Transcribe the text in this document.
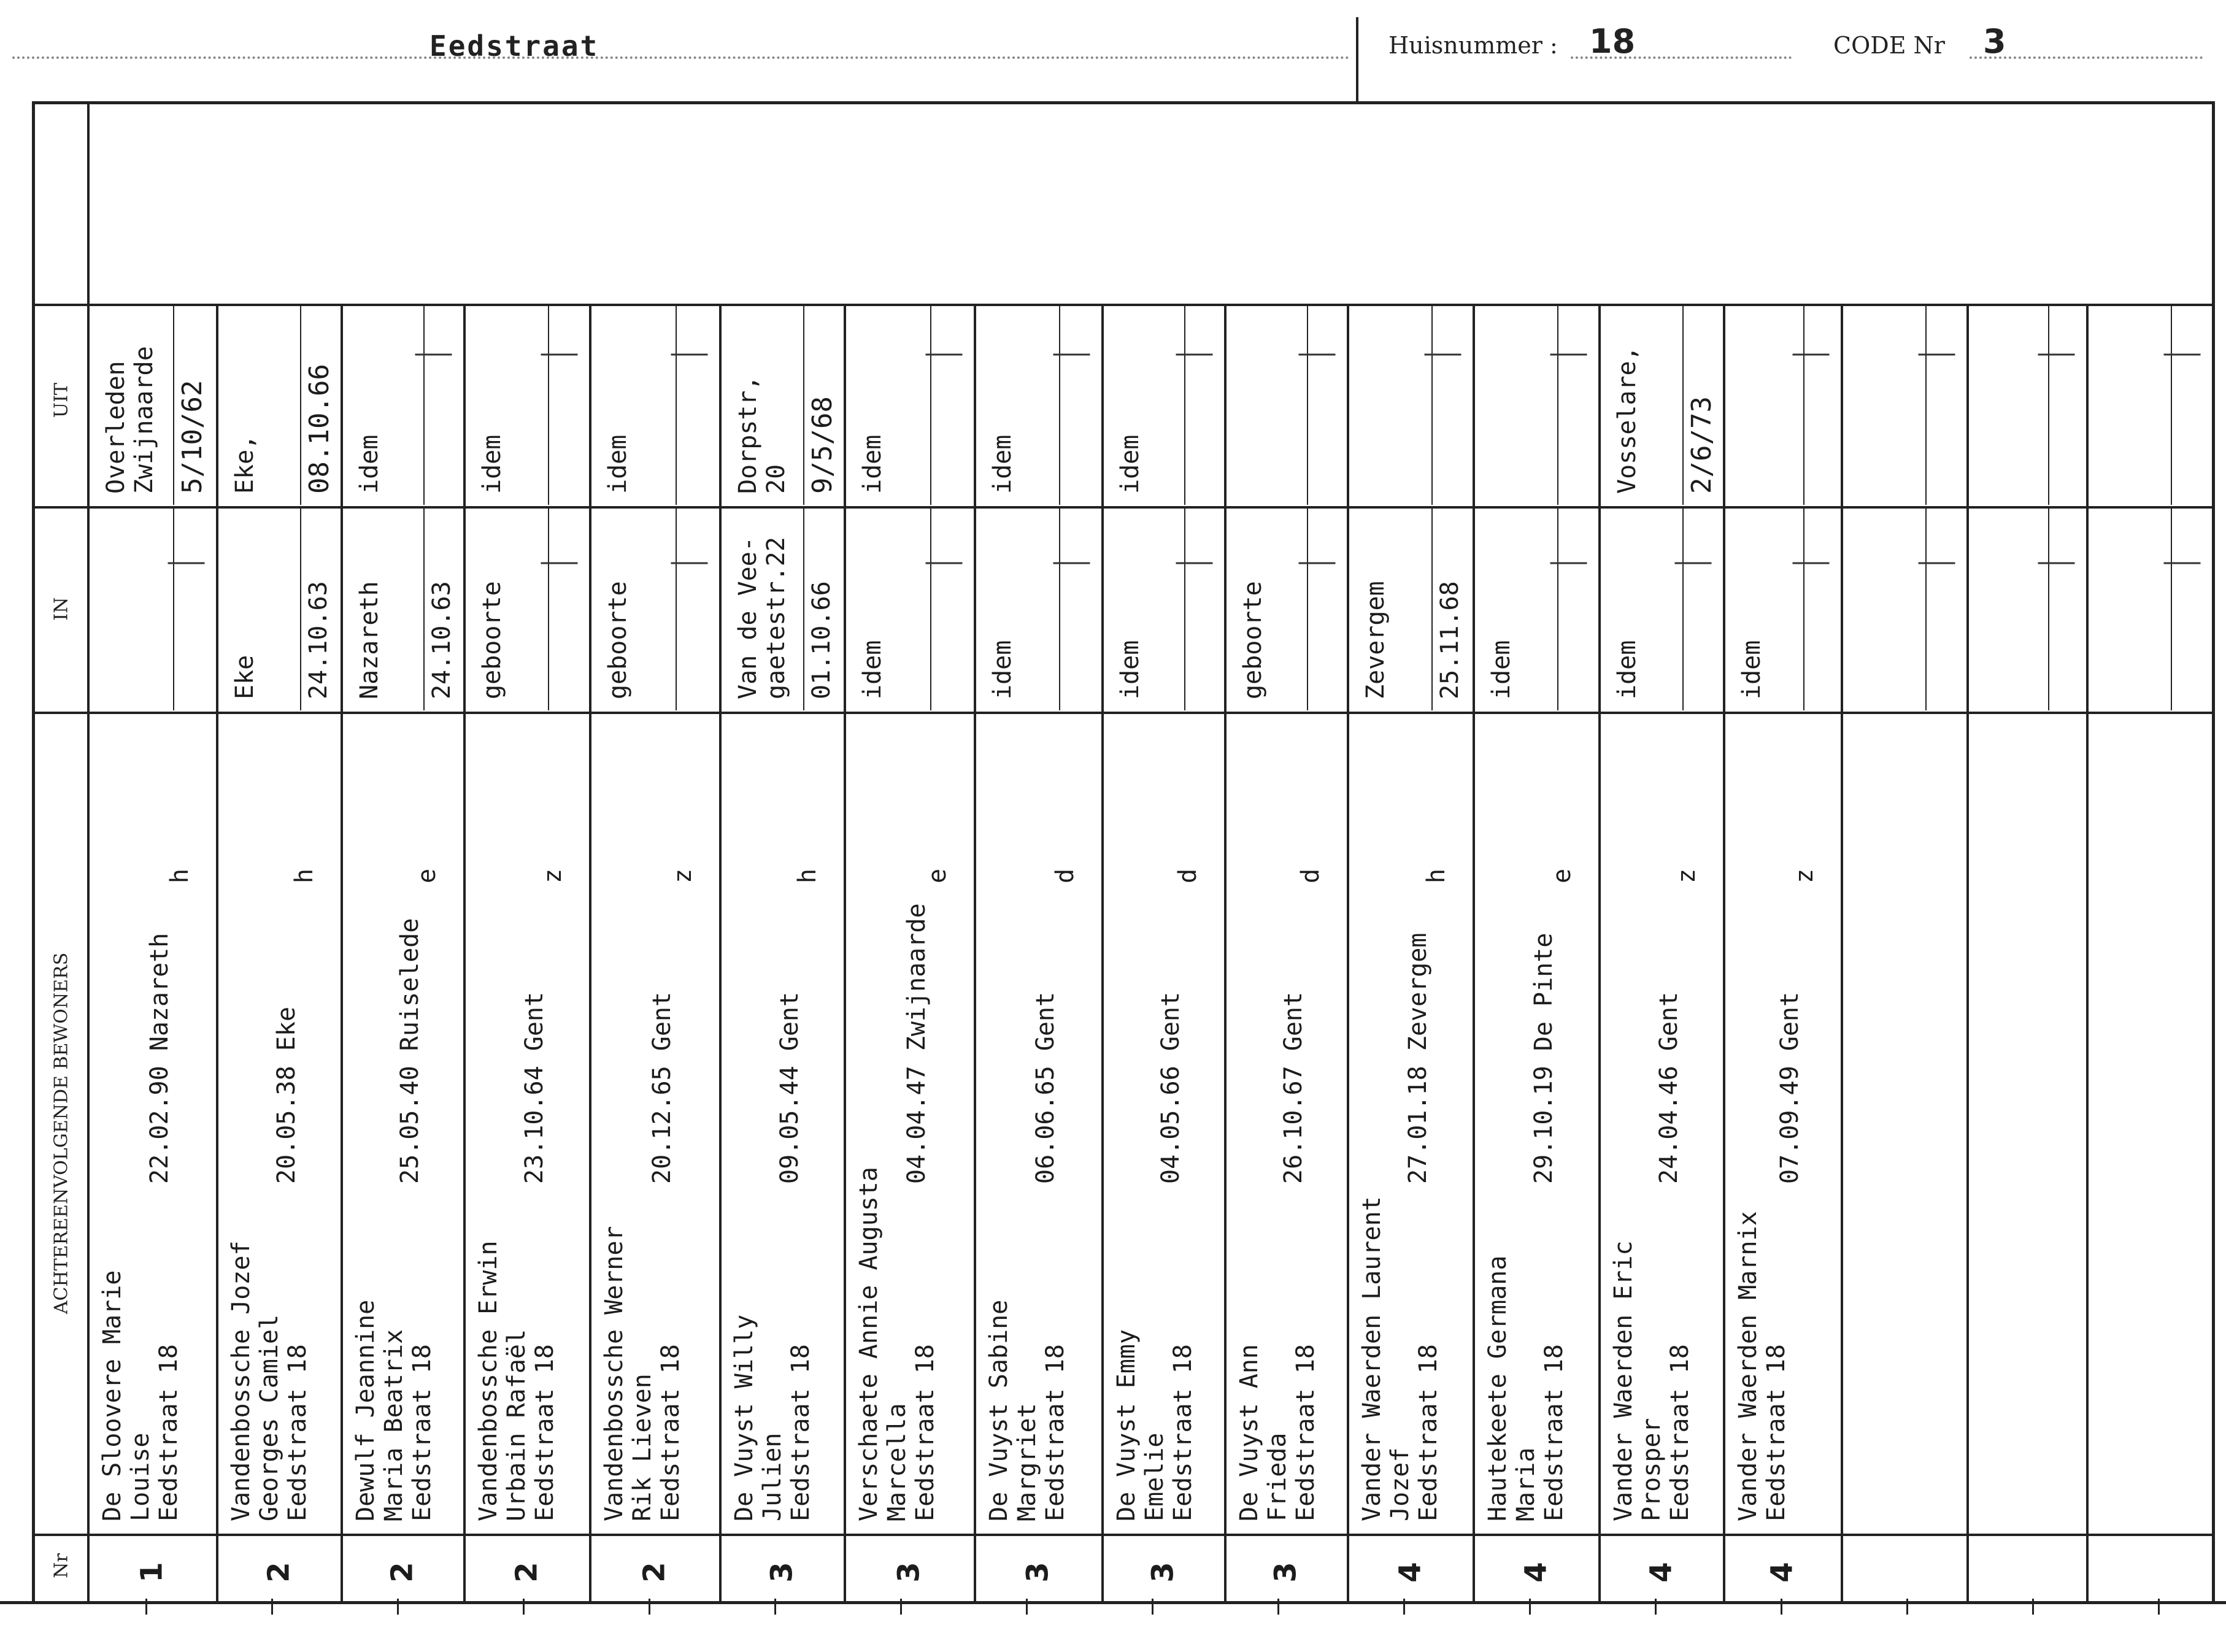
Eedstraat	Huisnummer : 18	CODE Nr 3
UIT
IN
ACHTEREENVOLGENDE BEWONERS
Nr 1
De Sloovere Marie Louise Eedstraat 18
22.02.90 Nazareth
h
Overleden Zwijnaarde 5/10/62
2
Vandenbossche Jozef Georges Camiel Eedstraat 18
20.05.38 Eke
h
Eke 24.10.63
Eke, 08.10.66
2
Dewulf Jeannine Maria Beatrix Eedstraat 18
25.05.40 Ruiselede
e
Nazareth 24.10.63
idem
2
Vandenbossche Erwin Urbain Rafaël Eedstraat 18
23.10.64 Gent
z
geboorte
idem
2
Vandenbossche Werner Rik Lieven Eedstraat 18
20.12.65 Gent
z
geboorte
idem
3
De Vuyst Willy Julien Eedstraat 18
09.05.44 Gent
h
Van de Vee- gaetestr.22 01.10.66
Dorpstr, 20 9/5/68
3
Verschaete Annie Augusta Marcella Eedstraat 18
04.04.47 Zwijnaarde
e
idem
idem
3
De Vuyst Sabine Margriet Eedstraat 18
06.06.65 Gent
d
idem
idem
3
De Vuyst Emmy Emelie Eedstraat 18
04.05.66 Gent
d
idem
idem
3
De Vuyst Ann Frieda Eedstraat 18
26.10.67 Gent
d
geboorte
4
Vander Waerden Laurent Jozef Eedstraat 18
27.01.18 Zevergem
h
Zevergem 25.11.68
4
Hautekeete Germana Maria Eedstraat 18
29.10.19 De Pinte
e
idem
4
Vander Waerden Eric Prosper Eedstraat 18
24.04.46 Gent
z
idem
Vosselare, 2/6/73
4
Vander Waerden Marnix Eedstraat 18
07.09.49 Gent
z
idem
